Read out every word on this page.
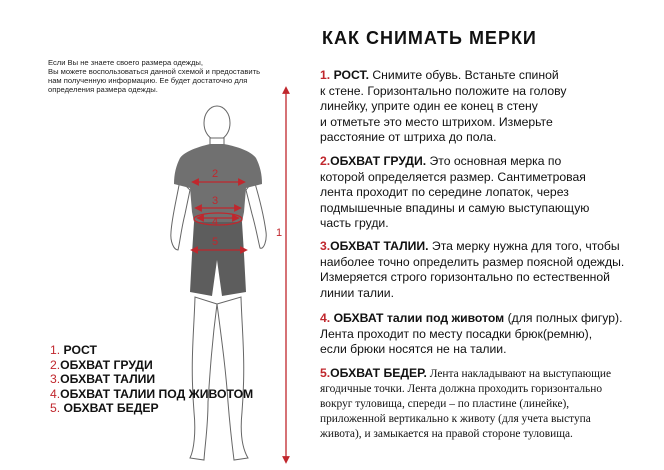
КАК СНИМАТЬ МЕРКИ
Если Вы не знаете своего размера одежды,
Вы можете воспользоваться данной схемой и предоставить
нам полученную информацию. Ее будет достаточно для
определения размера одежды.
2
3
4
5
1
1. РОСТ. Снимите обувь. Встаньте спиной
к стене. Горизонтально положите на голову
линейку, уприте один ее конец в стену
и отметьте это место штрихом. Измерьте
расстояние от штриха до пола.
2.ОБХВАТ ГРУДИ. Это основная мерка по
которой определяется размер. Сантиметровая
лента проходит по середине лопаток, через
подмышечные впадины и самую выступающую
часть груди.
3.ОБХВАТ ТАЛИИ. Эта мерку нужна для того, чтобы
наиболее точно определить размер поясной одежды.
Измеряется строго горизонтально по естественной
линии талии.
4. ОБХВАТ талии под животом (для полных фигур).
Лента проходит по месту посадки брюк(ремню),
если брюки носятся не на талии.
5.ОБХВАТ БЕДЕР. Лента накладывают на выступающие
ягодичные точки. Лента должна проходить горизонтально
вокруг туловища, спереди – по пластине (линейке),
приложенной вертикально к животу (для учета выступа
живота), и замыкается на правой стороне туловища.
1. РОСТ
2.ОБХВАТ ГРУДИ
3.ОБХВАТ ТАЛИИ
4.ОБХВАТ ТАЛИИ ПОД ЖИВОТОМ
5. ОБХВАТ БЕДЕР
